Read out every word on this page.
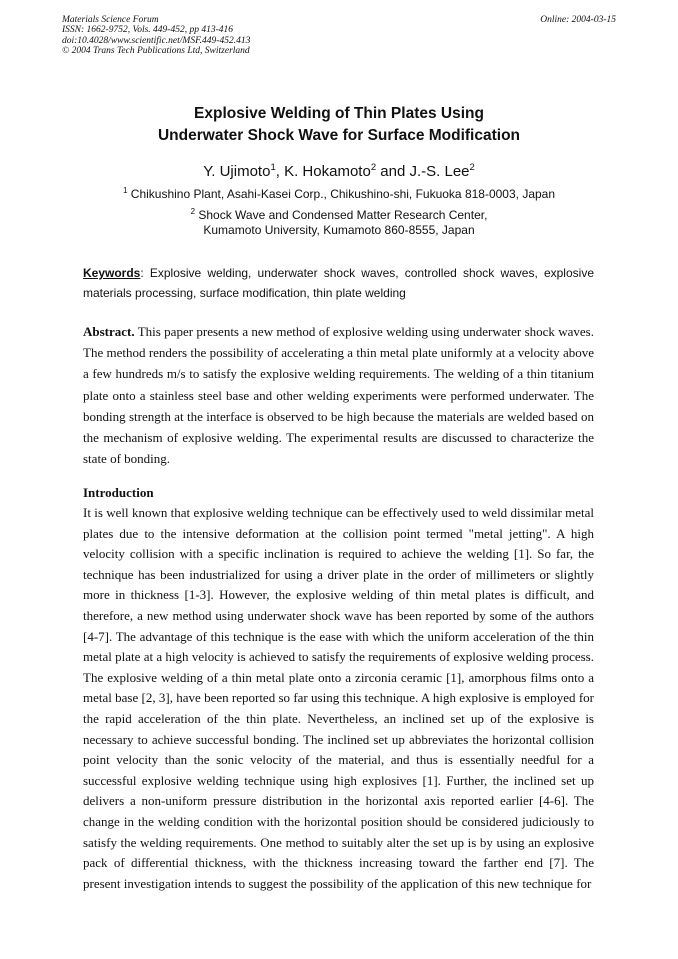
Materials Science Forum
ISSN: 1662-9752, Vols. 449-452, pp 413-416
doi:10.4028/www.scientific.net/MSF.449-452.413
© 2004 Trans Tech Publications Ltd, Switzerland
Online: 2004-03-15
Explosive Welding of Thin Plates Using
Underwater Shock Wave for Surface Modification
Y. Ujimoto$^1$, K. Hokamoto$^2$ and J.-S. Lee$^2$
$^1$ Chikushino Plant, Asahi-Kasei Corp., Chikushino-shi, Fukuoka 818-0003, Japan
$^2$ Shock Wave and Condensed Matter Research Center,
Kumamoto University, Kumamoto 860-8555, Japan
Keywords: Explosive welding, underwater shock waves, controlled shock waves, explosive materials processing, surface modification, thin plate welding
Abstract. This paper presents a new method of explosive welding using underwater shock waves. The method renders the possibility of accelerating a thin metal plate uniformly at a velocity above a few hundreds m/s to satisfy the explosive welding requirements. The welding of a thin titanium plate onto a stainless steel base and other welding experiments were performed underwater. The bonding strength at the interface is observed to be high because the materials are welded based on the mechanism of explosive welding. The experimental results are discussed to characterize the state of bonding.
Introduction
It is well known that explosive welding technique can be effectively used to weld dissimilar metal plates due to the intensive deformation at the collision point termed "metal jetting". A high velocity collision with a specific inclination is required to achieve the welding [1]. So far, the technique has been industrialized for using a driver plate in the order of millimeters or slightly more in thickness [1-3]. However, the explosive welding of thin metal plates is difficult, and therefore, a new method using underwater shock wave has been reported by some of the authors [4-7]. The advantage of this technique is the ease with which the uniform acceleration of the thin metal plate at a high velocity is achieved to satisfy the requirements of explosive welding process. The explosive welding of a thin metal plate onto a zirconia ceramic [1], amorphous films onto a metal base [2, 3], have been reported so far using this technique. A high explosive is employed for the rapid acceleration of the thin plate. Nevertheless, an inclined set up of the explosive is necessary to achieve successful bonding. The inclined set up abbreviates the horizontal collision point velocity than the sonic velocity of the material, and thus is essentially needful for a successful explosive welding technique using high explosives [1]. Further, the inclined set up delivers a non-uniform pressure distribution in the horizontal axis reported earlier [4-6]. The change in the welding condition with the horizontal position should be considered judiciously to satisfy the welding requirements. One method to suitably alter the set up is by using an explosive pack of differential thickness, with the thickness increasing toward the farther end [7]. The present investigation intends to suggest the possibility of the application of this new technique for
